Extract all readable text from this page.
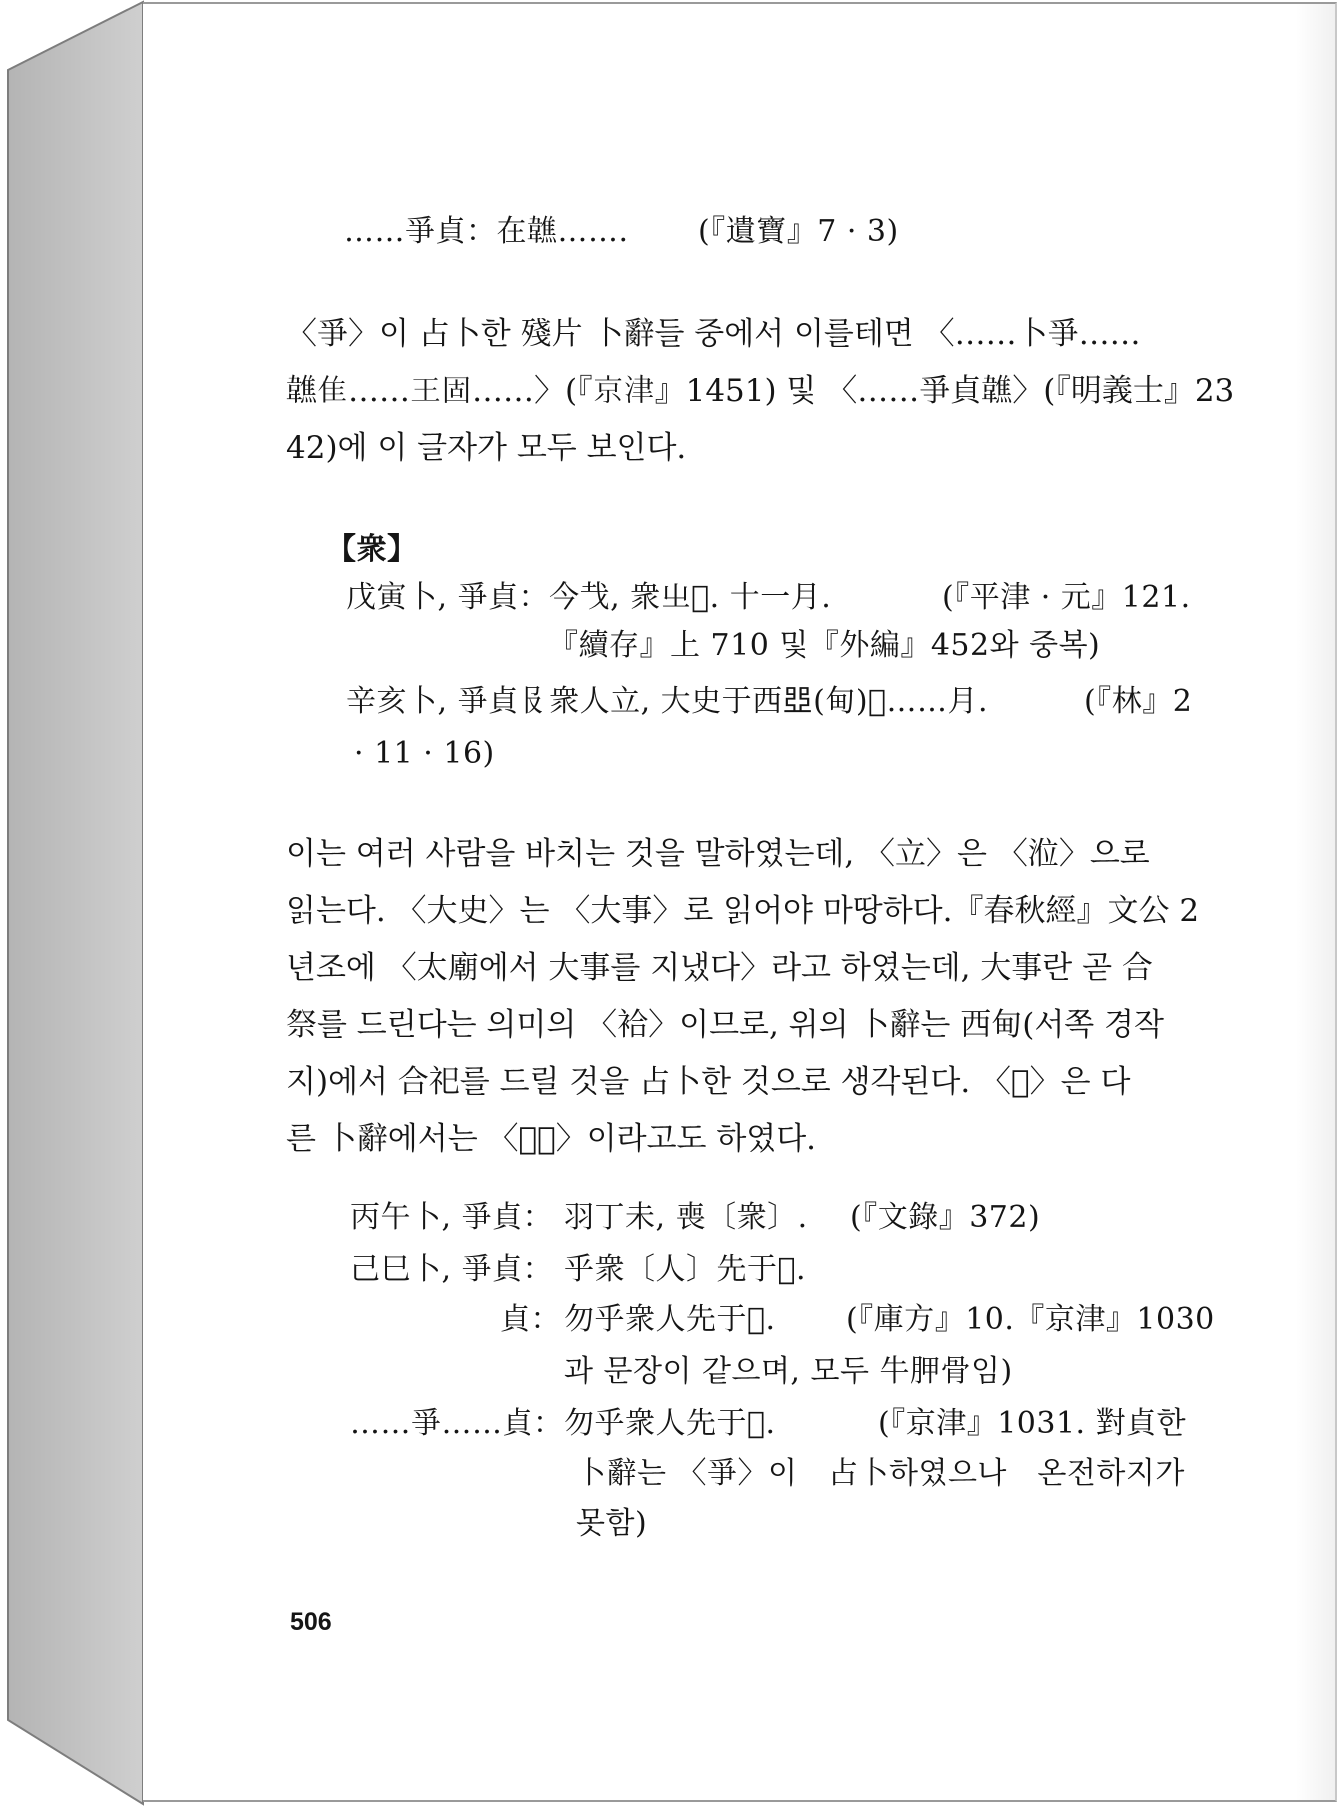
……爭貞：在𩏢……. (『遺寶』7 · 3)

〈爭〉이 占卜한 殘片 卜辭들 중에서 이를테면 〈……卜爭……

𩏢隹……王固……〉(『京津』1451) 및 〈……爭貞𩏢〉(『明義士』23

42)에 이 글자가 모두 보인다.

【衆】
戊寅卜, 爭貞：今𢦏, 衆㞢𤰔. 十一月.	(『平津 · 元』121.
『續存』上 710 및『外編』452와 중복)
辛亥卜, 爭貞𠬝衆人立, 大史于西𠁁(甸)𢼸……月.	(『林』2
· 11 · 16)

이는 여러 사람을 바치는 것을 말하였는데, 〈立〉은 〈涖〉으로

읽는다. 〈大史〉는 〈大事〉로 읽어야 마땅하다.『春秋經』文公 2

년조에 〈太廟에서 大事를 지냈다〉라고 하였는데, 大事란 곧 合

祭를 드린다는 의미의 〈袷〉이므로, 위의 卜辭는 西甸(서쪽 경작

지)에서 合祀를 드릴 것을 占卜한 것으로 생각된다. 〈𢼸〉은 다

른 卜辭에서는 〈𢼸伯〉이라고도 하였다.

丙午卜, 爭貞： 羽丁未, 喪〔衆〕. (『文錄』372)
己巳卜, 爭貞： 乎衆〔人〕先于𨛜.
貞： 勿乎衆人先于𨛜. (『庫方』10.『京津』1030
과 문장이 같으며, 모두 牛胛骨임)
……爭……貞： 勿乎衆人先于𨛜.	(『京津』1031. 對貞한
卜辭는 〈爭〉이　占卜하였으나　온전하지가
못함)
506
